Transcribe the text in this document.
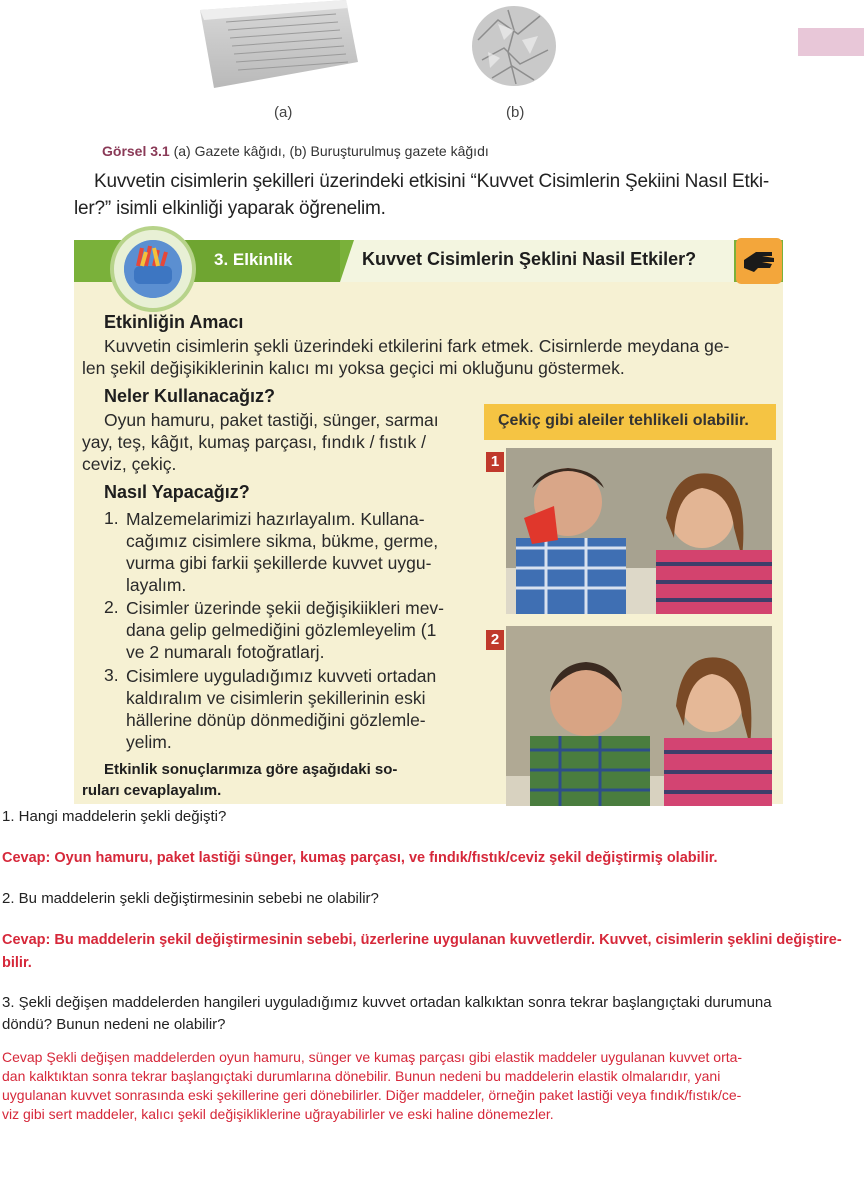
(a)	(b)
Görsel 3.1 (a) Gazete kâğıdı, (b) Buruşturulmuş gazete kâğıdı
Kuvvetin cisimlerin şekilleri üzerindeki etkisini “Kuvvet Cisimlerin Şekiini Nasıl Etki-
ler?” isimli elkinliği yaparak öğrenelim.
3. Elkinlik	Kuvvet Cisimlerin Şeklini Nasil Etkiler?
Etkinliğin Amacı
Kuvvetin cisimlerin şekli üzerindeki etkilerini fark etmek. Cisirnlerde meydana ge-
len şekil değişikiklerinin kalıcı mı yoksa geçici mi okluğunu göstermek.
Neler Kullanacağız?
Oyun hamuru, paket tastiği, sünger, sarmaı
yay, teş, kâğıt, kumaş parçası, fındık / fıstık /
ceviz, çekiç.
Nasıl Yapacağız?
1. Malzemelarimizi hazırlayalım. Kullana-
cağımız cisimlere sikma, bükme, germe,
vurma gibi farkii şekillerde kuvvet uygu-
layalım.
2. Cisimler üzerinde şekii değişikiikleri mev-
dana gelip gelmediğini gözlemleyelim (1
ve 2 numaralı fotoğratlarj.
3. Cisimlere uyguladığımız kuvveti ortadan
kaldıralım ve cisimlerin şekillerinin eski
hällerine dönüp dönmediğini gözlemle-
yelim.
Etkinlik sonuçlarımıza göre aşağıdaki so-
ruları cevaplayalım.
Çekiç gibi aleiler tehlikeli olabilir.
1
2
1. Hangi maddelerin şekli değişti?
Cevap: Oyun hamuru, paket lastiği sünger, kumaş parçası, ve fındık/fıstık/ceviz şekil değiştirmiş olabilir.
2. Bu maddelerin şekli değiştirmesinin sebebi ne olabilir?
Cevap: Bu maddelerin şekil değiştirmesinin sebebi, üzerlerine uygulanan kuvvetlerdir. Kuvvet, cisimlerin şeklini değiştire-
bilir.
3. Şekli değişen maddelerden hangileri uyguladığımız kuvvet ortadan kalkıktan sonra tekrar başlangıçtaki durumuna
döndü? Bunun nedeni ne olabilir?
Cevap Şekli değişen maddelerden oyun hamuru, sünger ve kumaş parçası gibi elastik maddeler uygulanan kuvvet orta-
dan kalktıktan sonra tekrar başlangıçtaki durumlarına dönebilir. Bunun nedeni bu maddelerin elastik olmalarıdır, yani
uygulanan kuvvet sonrasında eski şekillerine geri dönebilirler. Diğer maddeler, örneğin paket lastiği veya fındık/fıstık/ce-
viz gibi sert maddeler, kalıcı şekil değişikliklerine uğrayabilirler ve eski haline dönemezler.
